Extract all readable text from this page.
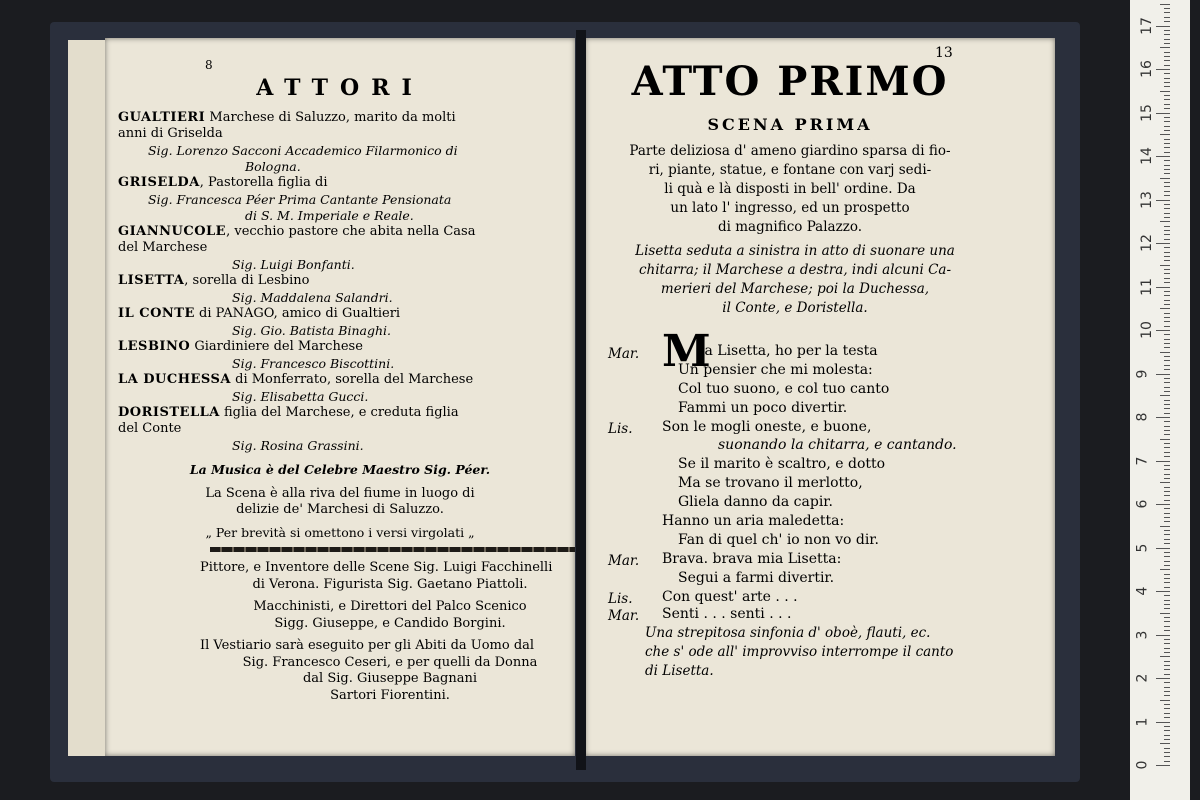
8
ATTORI
GUALTIERI Marchese di Saluzzo, marito da molti
anni di Griselda
Sig. Lorenzo Sacconi Accademico Filarmonico di
Bologna.
GRISELDA, Pastorella figlia di
Sig. Francesca Péer Prima Cantante Pensionata
di S. M. Imperiale e Reale.
GIANNUCOLE, vecchio pastore che abita nella Casa
del Marchese
Sig. Luigi Bonfanti.
LISETTA, sorella di Lesbino
Sig. Maddalena Salandri.
IL CONTE di PANAGO, amico di Gualtieri
Sig. Gio. Batista Binaghi.
LESBINO Giardiniere del Marchese
Sig. Francesco Biscottini.
LA DUCHESSA di Monferrato, sorella del Marchese
Sig. Elisabetta Gucci.
DORISTELLA figlia del Marchese, e creduta figlia
del Conte
Sig. Rosina Grassini.
La Musica è del Celebre Maestro Sig. Péer.
La Scena è alla riva del fiume in luogo di
delizie de' Marchesi di Saluzzo.
„ Per brevità si omettono i versi virgolati „
Pittore, e Inventore delle Scene Sig. Luigi Facchinelli
di Verona. Figurista Sig. Gaetano Piattoli.
Macchinisti, e Direttori del Palco Scenico
Sigg. Giuseppe, e Candido Borgini.
Il Vestiario sarà eseguito per gli Abiti da Uomo dal
Sig. Francesco Ceseri, e per quelli da Donna
dal Sig. Giuseppe Bagnani
Sartori Fiorentini.
13
ATTO PRIMO
SCENA PRIMA
Parte deliziosa d' ameno giardino sparsa di fio-
ri, piante, statue, e fontane con varj sedi-
li quà e là disposti in bell' ordine. Da
un lato l' ingresso, ed un prospetto
di magnifico Palazzo.
Lisetta seduta a sinistra in atto di suonare una
chitarra; il Marchese a destra, indi alcuni Ca-
merieri del Marchese; poi la Duchessa,
il Conte, e Doristella.
M
Mar.	ia Lisetta, ho per la testa
Un pensier che mi molesta:
Col tuo suono, e col tuo canto
Fammi un poco divertir.
Lis. Son le mogli oneste, e buone,
suonando la chitarra, e cantando.
Se il marito è scaltro, e dotto
Ma se trovano il merlotto,
Gliela danno da capir.
Hanno un aria maledetta:
Fan di quel ch' io non vo dir.
Mar. Brava. brava mia Lisetta:
Segui a farmi divertir.
Lis. Con quest' arte . . .
Mar. Senti . . . senti . . .
Una strepitosa sinfonia d' oboè, flauti, ec.
che s' ode all' improvviso interrompe il canto
di Lisetta.
0
1
2
3
4
5
6
7
8
9
10
11
12
13
14
15
16
17
